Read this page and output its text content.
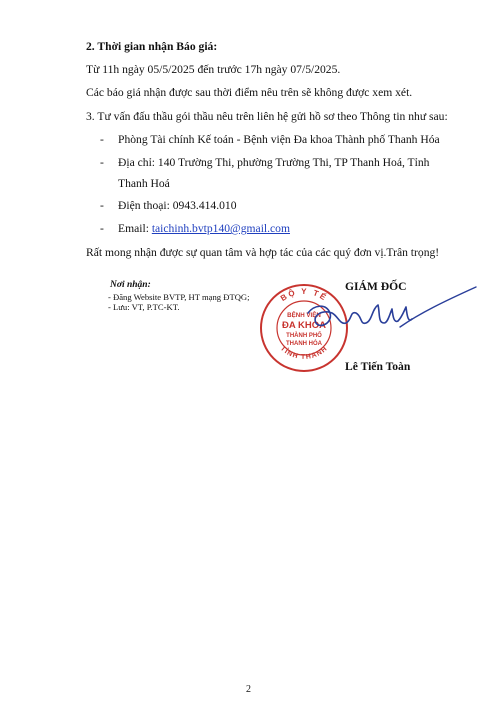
2. Thời gian nhận Báo giá:
Từ 11h ngày 05/5/2025 đến trước 17h ngày 07/5/2025.
Các báo giá nhận được sau thời điểm nêu trên sẽ không được xem xét.
3. Tư vấn đấu thầu gói thầu nêu trên liên hệ gửi hồ sơ theo Thông tin như sau:
- Phòng Tài chính Kế toán - Bệnh viện Đa khoa Thành phố Thanh Hóa
- Địa chỉ: 140 Trường Thi, phường Trường Thi, TP Thanh Hoá, Tỉnh
Thanh Hoá
- Điện thoại: 0943.414.010
- Email: taichinh.bvtp140@gmail.com
Rất mong nhận được sự quan tâm và hợp tác của các quý đơn vị.Trân trọng!
Nơi nhận:
- Đăng Website BVTP, HT mạng ĐTQG;
- Lưu: VT, P.TC-KT.
GIÁM ĐỐC
BỘ Y TẾ
TỈNH THANH
BỆNH VIỆN
ĐA KHOA
THÀNH PHỐ
THANH HÓA
Lê Tiến Toàn
2
